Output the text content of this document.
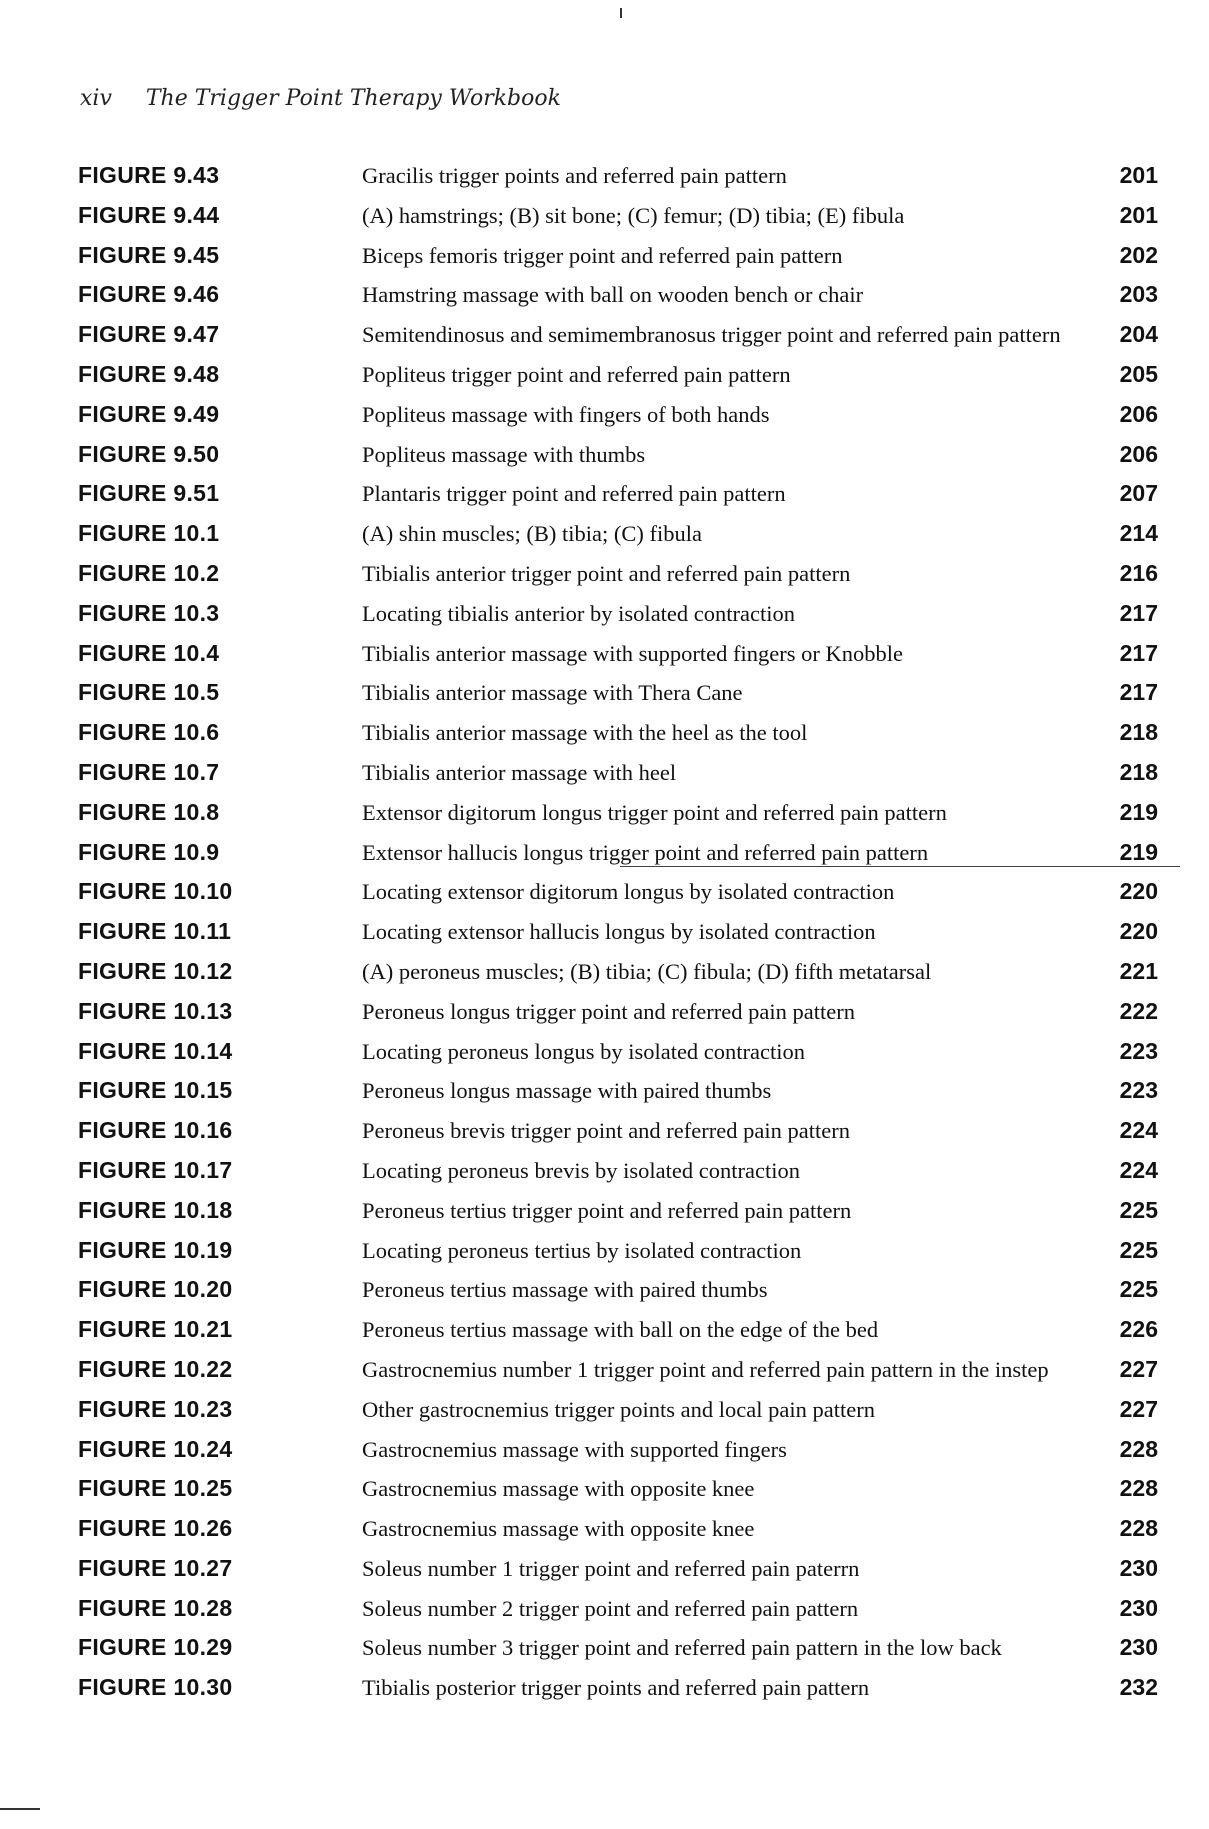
xiv The Trigger Point Therapy Workbook
FIGURE 9.43	Gracilis trigger points and referred pain pattern	201
FIGURE 9.44	(A) hamstrings; (B) sit bone; (C) femur; (D) tibia; (E) fibula	201
FIGURE 9.45	Biceps femoris trigger point and referred pain pattern	202
FIGURE 9.46	Hamstring massage with ball on wooden bench or chair	203
FIGURE 9.47	Semitendinosus and semimembranosus trigger point and referred pain pattern	204
FIGURE 9.48	Popliteus trigger point and referred pain pattern	205
FIGURE 9.49	Popliteus massage with fingers of both hands	206
FIGURE 9.50	Popliteus massage with thumbs	206
FIGURE 9.51	Plantaris trigger point and referred pain pattern	207
FIGURE 10.1	(A) shin muscles; (B) tibia; (C) fibula	214
FIGURE 10.2	Tibialis anterior trigger point and referred pain pattern	216
FIGURE 10.3	Locating tibialis anterior by isolated contraction	217
FIGURE 10.4	Tibialis anterior massage with supported fingers or Knobble	217
FIGURE 10.5	Tibialis anterior massage with Thera Cane	217
FIGURE 10.6	Tibialis anterior massage with the heel as the tool	218
FIGURE 10.7	Tibialis anterior massage with heel	218
FIGURE 10.8	Extensor digitorum longus trigger point and referred pain pattern	219
FIGURE 10.9	Extensor hallucis longus trigger point and referred pain pattern	219
FIGURE 10.10	Locating extensor digitorum longus by isolated contraction	220
FIGURE 10.11	Locating extensor hallucis longus by isolated contraction	220
FIGURE 10.12	(A) peroneus muscles; (B) tibia; (C) fibula; (D) fifth metatarsal	221
FIGURE 10.13	Peroneus longus trigger point and referred pain pattern	222
FIGURE 10.14	Locating peroneus longus by isolated contraction	223
FIGURE 10.15	Peroneus longus massage with paired thumbs	223
FIGURE 10.16	Peroneus brevis trigger point and referred pain pattern	224
FIGURE 10.17	Locating peroneus brevis by isolated contraction	224
FIGURE 10.18	Peroneus tertius trigger point and referred pain pattern	225
FIGURE 10.19	Locating peroneus tertius by isolated contraction	225
FIGURE 10.20	Peroneus tertius massage with paired thumbs	225
FIGURE 10.21	Peroneus tertius massage with ball on the edge of the bed	226
FIGURE 10.22	Gastrocnemius number 1 trigger point and referred pain pattern in the instep	227
FIGURE 10.23	Other gastrocnemius trigger points and local pain pattern	227
FIGURE 10.24	Gastrocnemius massage with supported fingers	228
FIGURE 10.25	Gastrocnemius massage with opposite knee	228
FIGURE 10.26	Gastrocnemius massage with opposite knee	228
FIGURE 10.27	Soleus number 1 trigger point and referred pain paterrn	230
FIGURE 10.28	Soleus number 2 trigger point and referred pain pattern	230
FIGURE 10.29	Soleus number 3 trigger point and referred pain pattern in the low back	230
FIGURE 10.30	Tibialis posterior trigger points and referred pain pattern	232
